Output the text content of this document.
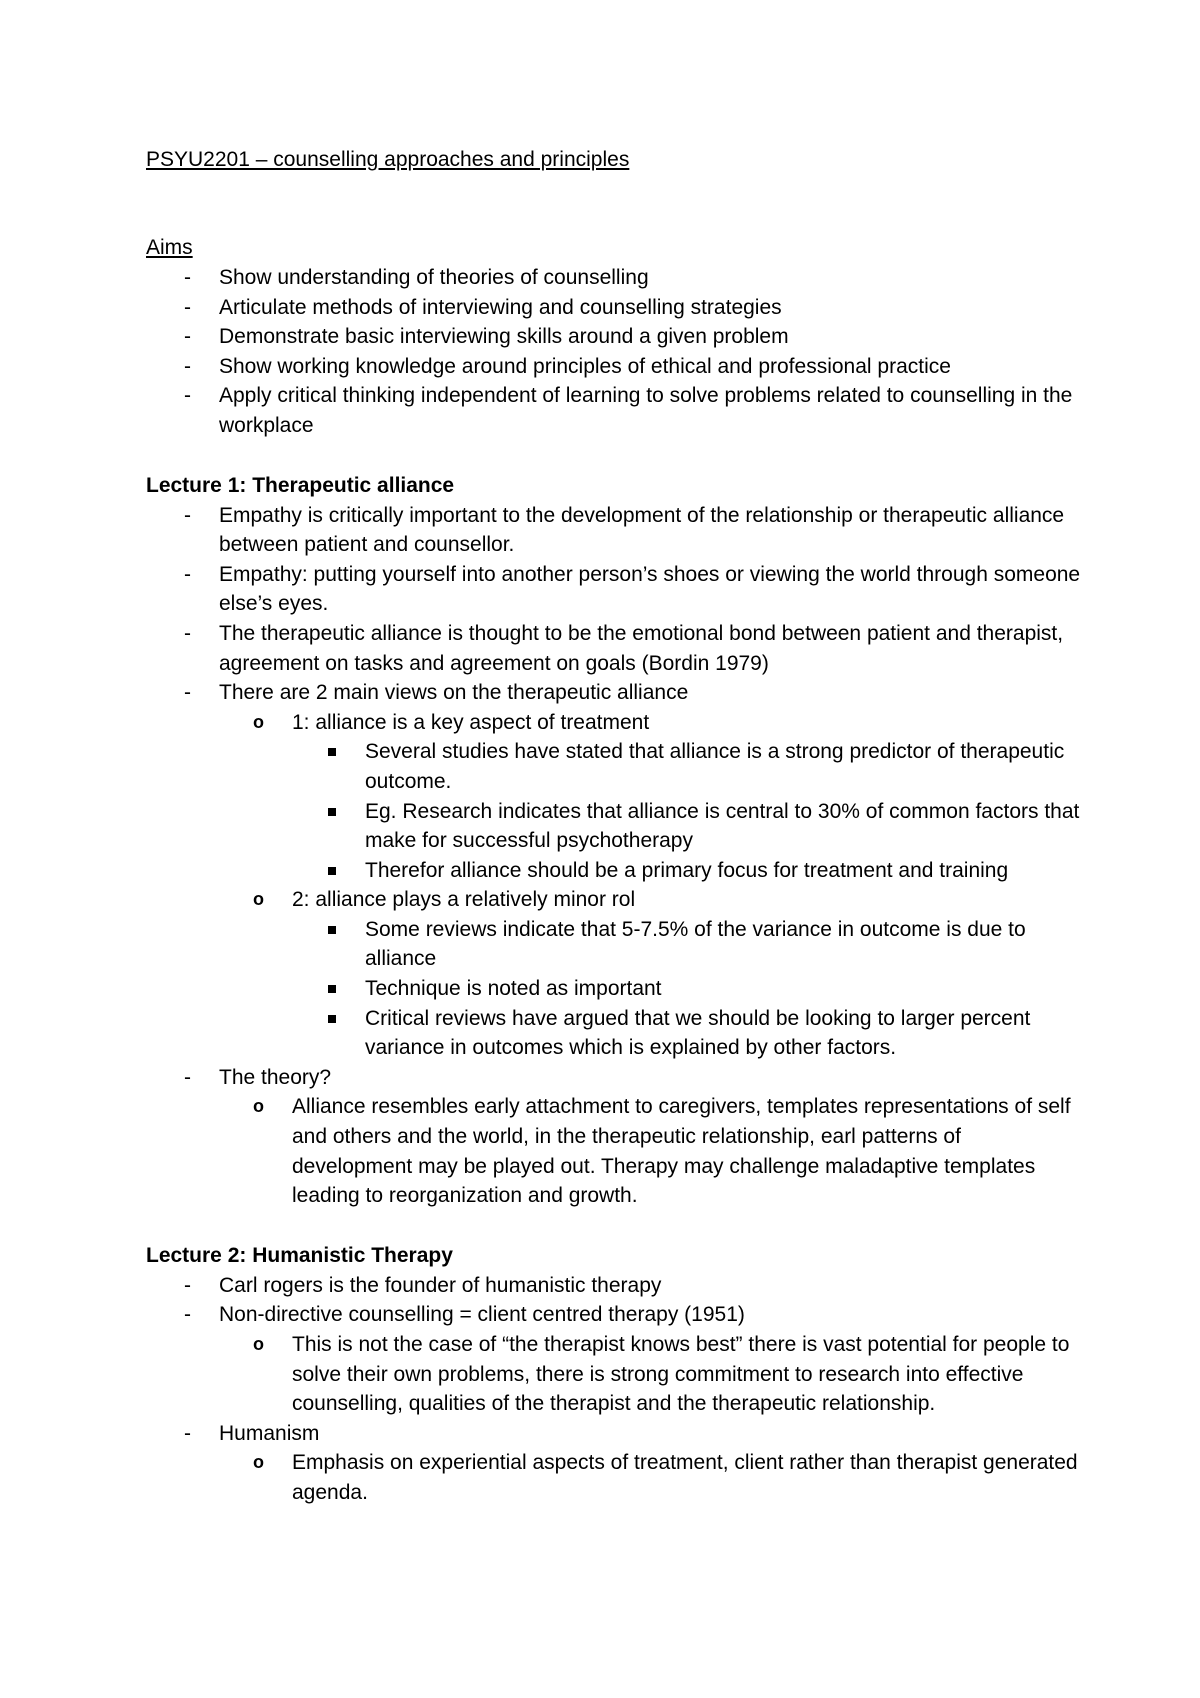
PSYU2201 – counselling approaches and principles

Aims

- Show understanding of theories of counselling
- Articulate methods of interviewing and counselling strategies
- Demonstrate basic interviewing skills around a given problem
- Show working knowledge around principles of ethical and professional practice
- Apply critical thinking independent of learning to solve problems related to counselling in the workplace

Lecture 1: Therapeutic alliance

- Empathy is critically important to the development of the relationship or therapeutic alliance between patient and counsellor.
- Empathy: putting yourself into another person’s shoes or viewing the world through someone else’s eyes.
- The therapeutic alliance is thought to be the emotional bond between patient and therapist, agreement on tasks and agreement on goals (Bordin 1979)
- There are 2 main views on the therapeutic alliance
o 1: alliance is a key aspect of treatment
Several studies have stated that alliance is a strong predictor of therapeutic outcome.
Eg. Research indicates that alliance is central to 30% of common factors that make for successful psychotherapy
Therefor alliance should be a primary focus for treatment and training
o 2: alliance plays a relatively minor rol
Some reviews indicate that 5-7.5% of the variance in outcome is due to alliance
Technique is noted as important
Critical reviews have argued that we should be looking to larger percent variance in outcomes which is explained by other factors.
- The theory?
o Alliance resembles early attachment to caregivers, templates representations of self and others and the world, in the therapeutic relationship, earl patterns of development may be played out. Therapy may challenge maladaptive templates leading to reorganization and growth.

Lecture 2: Humanistic Therapy

- Carl rogers is the founder of humanistic therapy
- Non-directive counselling = client centred therapy (1951)
o This is not the case of “the therapist knows best” there is vast potential for people to solve their own problems, there is strong commitment to research into effective counselling, qualities of the therapist and the therapeutic relationship.
- Humanism
o Emphasis on experiential aspects of treatment, client rather than therapist generated agenda.
